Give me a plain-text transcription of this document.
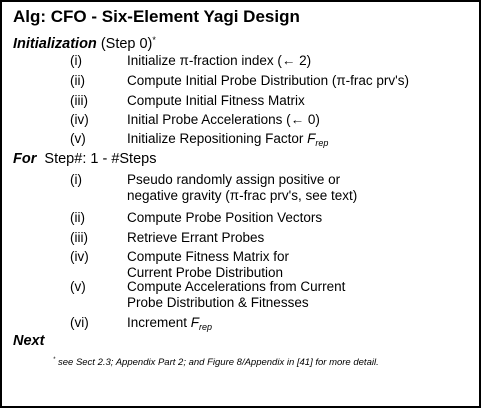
Alg: CFO - Six-Element Yagi Design
Initialization (Step 0)*
(i)	Initialize π-fraction index (← 2)
(ii)	Compute Initial Probe Distribution (π-frac prv's)
(iii)	Compute Initial Fitness Matrix
(iv)	Initial Probe Accelerations (← 0)
(v)	Initialize Repositioning Factor $F_{rep}$
For Step#: 1 - #Steps
(i)	Pseudo randomly assign positive or
negative gravity (π-frac prv's, see text)
(ii)	Compute Probe Position Vectors
(iii)	Retrieve Errant Probes
(iv)	Compute Fitness Matrix for
Current Probe Distribution
(v)	Compute Accelerations from Current
Probe Distribution & Fitnesses
(vi)	Increment $F_{rep}$
Next
* see Sect 2.3; Appendix Part 2; and Figure 8/Appendix in [41] for more detail.
